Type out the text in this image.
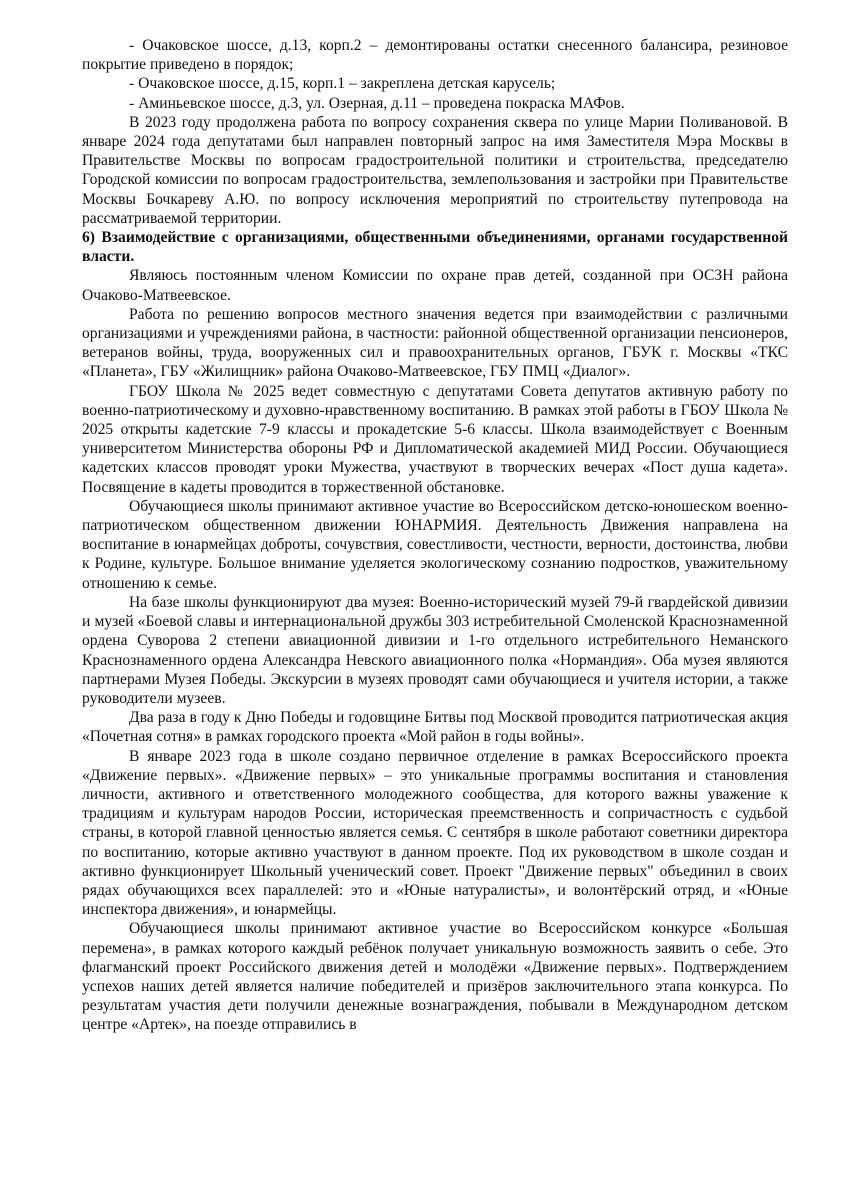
- Очаковское шоссе, д.13, корп.2 – демонтированы остатки снесенного балансира, резиновое покрытие приведено в порядок;

- Очаковское шоссе, д.15, корп.1 – закреплена детская карусель;

- Аминьевское шоссе, д.3, ул. Озерная, д.11 – проведена покраска МАФов.

В 2023 году продолжена работа по вопросу сохранения сквера по улице Марии Поливановой. В январе 2024 года депутатами был направлен повторный запрос на имя Заместителя Мэра Москвы в Правительстве Москвы по вопросам градостроительной политики и строительства, председателю Городской комиссии по вопросам градостроительства, землепользования и застройки при Правительстве Москвы Бочкареву А.Ю. по вопросу исключения мероприятий по строительству путепровода на рассматриваемой территории.

6) Взаимодействие с организациями, общественными объединениями, органами государственной власти.

Являюсь постоянным членом Комиссии по охране прав детей, созданной при ОСЗН района Очаково-Матвеевское.

Работа по решению вопросов местного значения ведется при взаимодействии с различными организациями и учреждениями района, в частности: районной общественной организации пенсионеров, ветеранов войны, труда, вооруженных сил и правоохранительных органов, ГБУК г. Москвы «ТКС «Планета», ГБУ «Жилищник» района Очаково-Матвеевское, ГБУ ПМЦ «Диалог».

ГБОУ Школа № 2025 ведет совместную с депутатами Совета депутатов активную работу по военно-патриотическому и духовно-нравственному воспитанию. В рамках этой работы в ГБОУ Школа № 2025 открыты кадетские 7-9 классы и прокадетские 5-6 классы. Школа взаимодействует с Военным университетом Министерства обороны РФ и Дипломатической академией МИД России. Обучающиеся кадетских классов проводят уроки Мужества, участвуют в творческих вечерах «Пост душа кадета». Посвящение в кадеты проводится в торжественной обстановке.

Обучающиеся школы принимают активное участие во Всероссийском детско-юношеском военно-патриотическом общественном движении ЮНАРМИЯ. Деятельность Движения направлена на воспитание в юнармейцах доброты, сочувствия, совестливости, честности, верности, достоинства, любви к Родине, культуре. Большое внимание уделяется экологическому сознанию подростков, уважительному отношению к семье.

На базе школы функционируют два музея: Военно-исторический музей 79-й гвардейской дивизии и музей «Боевой славы и интернациональной дружбы 303 истребительной Смоленской Краснознаменной ордена Суворова 2 степени авиационной дивизии и 1-го отдельного истребительного Неманского Краснознаменного ордена Александра Невского авиационного полка «Нормандия». Оба музея являются партнерами Музея Победы. Экскурсии в музеях проводят сами обучающиеся и учителя истории, а также руководители музеев.

Два раза в году к Дню Победы и годовщине Битвы под Москвой проводится патриотическая акция «Почетная сотня» в рамках городского проекта «Мой район в годы войны».

В январе 2023 года в школе создано первичное отделение в рамках Всероссийского проекта «Движение первых». «Движение первых» – это уникальные программы воспитания и становления личности, активного и ответственного молодежного сообщества, для которого важны уважение к традициям и культурам народов России, историческая преемственность и сопричастность с судьбой страны, в которой главной ценностью является семья. С сентября в школе работают советники директора по воспитанию, которые активно участвуют в данном проекте. Под их руководством в школе создан и активно функционирует Школьный ученический совет. Проект "Движение первых" объединил в своих рядах обучающихся всех параллелей: это и «Юные натуралисты», и волонтёрский отряд, и «Юные инспектора движения», и юнармейцы.

Обучающиеся школы принимают активное участие во Всероссийском конкурсе «Большая перемена», в рамках которого каждый ребёнок получает уникальную возможность заявить о себе. Это флагманский проект Российского движения детей и молодёжи «Движение первых». Подтверждением успехов наших детей является наличие победителей и призёров заключительного этапа конкурса. По результатам участия дети получили денежные вознаграждения, побывали в Международном детском центре «Артек», на поезде отправились в
